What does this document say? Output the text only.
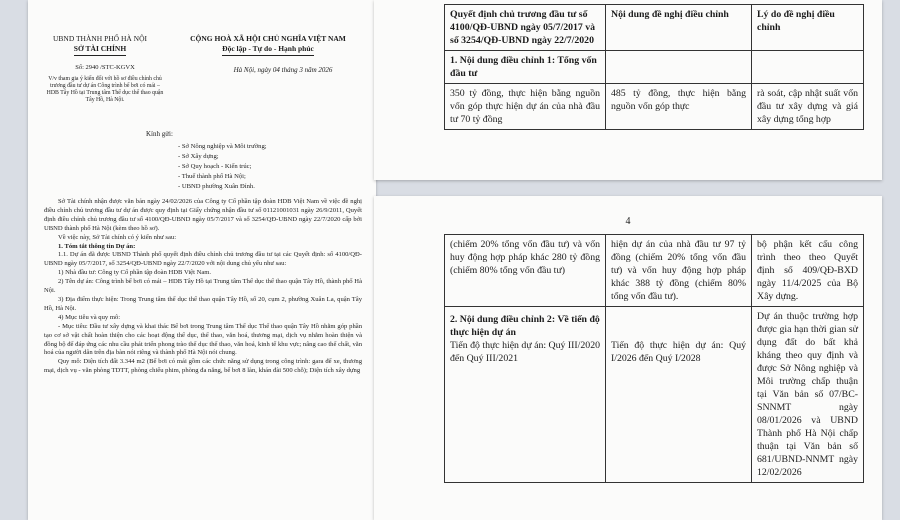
UBND THÀNH PHỐ HÀ NỘI
SỞ TÀI CHÍNH
CỘNG HOÀ XÃ HỘI CHỦ NGHĨA VIỆT NAM
Độc lập - Tự do - Hạnh phúc
Số: 2940 /STC-KGVX
V/v tham gia ý kiến đối với hồ sơ điều chỉnh chủ trương đầu tư dự án Công trình bể bơi có mái – HDB Tây Hồ tại Trung tâm Thể dục thể thao quận Tây Hồ, Hà Nội.
Hà Nội, ngày 04 tháng 3 năm 2026
Kính gửi:
- Sở Nông nghiệp và Môi trường;
- Sở Xây dựng;
- Sở Quy hoạch - Kiến trúc;
- Thuế thành phố Hà Nội;
- UBND phường Xuân Đỉnh.
Sở Tài chính nhận được văn bản ngày 24/02/2026 của Công ty Cổ phần tập đoàn HDB Việt Nam về việc đề nghị điều chỉnh chủ trương đầu tư dự án được quy định tại Giấy chứng nhận đầu tư số 01121001031 ngày 26/9/2011, Quyết định điều chỉnh chủ trương đầu tư số 4100/QĐ-UBND ngày 05/7/2017 và số 3254/QĐ-UBND ngày 22/7/2020 cấp bởi UBND thành phố Hà Nội (kèm theo hồ sơ).
Về việc này, Sở Tài chính có ý kiến như sau:
1. Tóm tắt thông tin Dự án:
1.1. Dự án đã được UBND Thành phố quyết định điều chỉnh chủ trương đầu tư tại các Quyết định: số 4100/QĐ-UBND ngày 05/7/2017, số 3254/QĐ-UBND ngày 22/7/2020 với nội dung chủ yếu như sau:
1) Nhà đầu tư: Công ty Cổ phần tập đoàn HDB Việt Nam.
2) Tên dự án: Công trình bể bơi có mái – HDB Tây Hồ tại Trung tâm Thể dục thể thao quận Tây Hồ, thành phố Hà Nội.
3) Địa điểm thực hiện: Trong Trung tâm thể dục thể thao quận Tây Hồ, số 20, cụm 2, phường Xuân La, quận Tây Hồ, Hà Nội.
4) Mục tiêu và quy mô:
- Mục tiêu: Đầu tư xây dựng và khai thác Bể bơi trong Trung tâm Thể dục Thể thao quận Tây Hồ nhằm góp phần tạo cơ sở vật chất hoàn thiện cho các hoạt động thể dục, thể thao, văn hoá, thương mại, dịch vụ nhằm hoàn thiện và đồng bộ để đáp ứng các nhu cầu phát triển phong trào thể dục thể thao, văn hoá, kinh tế khu vực; nâng cao thể chất, văn hoá của người dân trên địa bàn nói riêng và thành phố Hà Nội nói chung.
Quy mô: Diện tích đất 3.344 m2 (Bể bơi có mái gồm các chức năng sử dụng trong công trình: gara để xe, thương mại, dịch vụ - văn phòng TDTT, phòng chiếu phim, phòng đa năng, bể bơi 8 làn, khán đài 500 chỗ); Diện tích xây dựng
Quyết định chủ trương đầu tư số 4100/QĐ-UBND ngày 05/7/2017 và số 3254/QĐ-UBND ngày 22/7/2020	Nội dung đề nghị điều chỉnh	Lý do đề nghị điều chỉnh
1. Nội dung điều chỉnh 1: Tổng vốn đầu tư		
350 tỷ đồng, thực hiện bằng nguồn vốn góp thực hiện dự án của nhà đầu tư 70 tỷ đồng	485 tỷ đồng, thực hiện bằng nguồn vốn góp thực	rà soát, cập nhật suất vốn đầu tư xây dựng và giá xây dựng tổng hợp
4
(chiếm 20% tổng vốn đầu tư) và vốn huy động hợp pháp khác 280 tỷ đồng (chiếm 80% tổng vốn đầu tư)	hiện dự án của nhà đầu tư 97 tỷ đồng (chiếm 20% tổng vốn đầu tư) và vốn huy động hợp pháp khác 388 tỷ đồng (chiếm 80% tổng vốn đầu tư).	bộ phận kết cấu công trình theo theo Quyết định số 409/QĐ-BXD ngày 11/4/2025 của Bộ Xây dựng.

2. Nội dung điều chỉnh 2: Về tiến độ thực hiện dự án
Tiến độ thực hiện dự án: Quý III/2020 đến Quý III/2021	Tiến độ thực hiện dự án: Quý I/2026 đến Quý I/2028	Dự án thuộc trường hợp được gia hạn thời gian sử dụng đất do bất khả kháng theo quy định và được Sở Nông nghiệp và Môi trường chấp thuận tại Văn bản số 07/BC-SNNMT ngày 08/01/2026 và UBND Thành phố Hà Nội chấp thuận tại Văn bản số 681/UBND-NNMT ngày 12/02/2026
